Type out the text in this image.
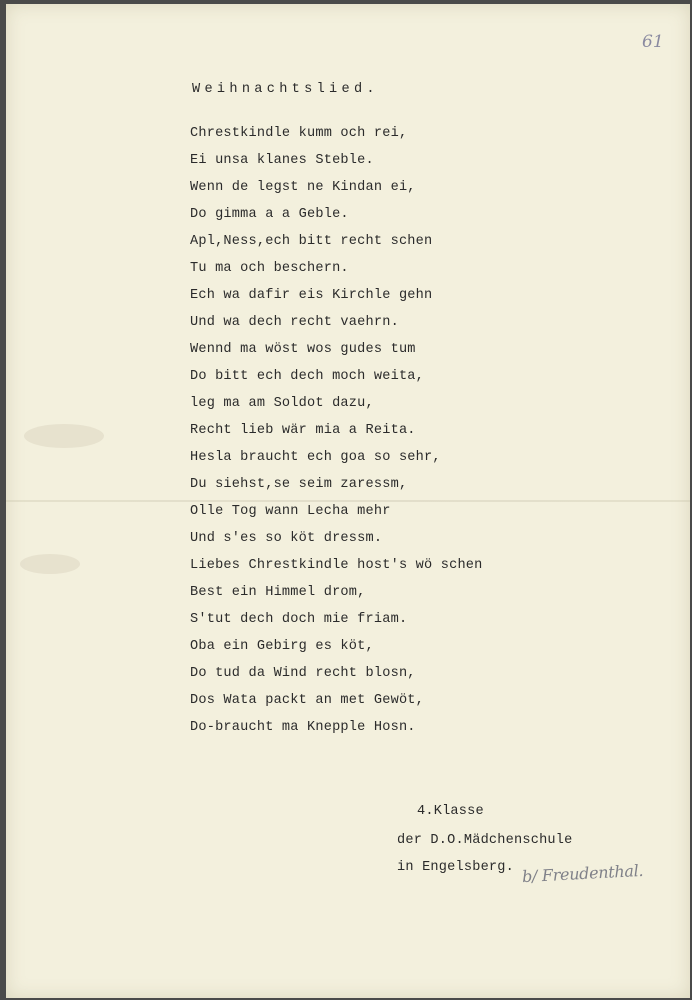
61
Weihnachtslied.
Chrestkindle kumm och rei,
Ei unsa klanes Steble.
Wenn de legst ne Kindan ei,
Do gimma a a Geble.
Apl,Ness,ech bitt recht schen
Tu ma och beschern.
Ech wa dafir eis Kirchle gehn
Und wa dech recht vaehrn.
Wennd ma wöst wos gudes tum
Do bitt ech dech moch weita,
leg ma am Soldot dazu,
Recht lieb wär mia a Reita.
Hesla braucht ech goa so sehr,
Du siehst,se seim zaressm,
Olle Tog wann Lecha mehr
Und s'es so köt dressm.
Liebes Chrestkindle host's wö schen
Best ein Himmel drom,
S'tut dech doch mie friam.
Oba ein Gebirg es köt,
Do tud da Wind recht blosn,
Dos Wata packt an met Gewöt,
Do-braucht ma Knepple Hosn.
4.Klasse
der D.O.Mädchenschule
in Engelsberg. b/ Freudenthal.
